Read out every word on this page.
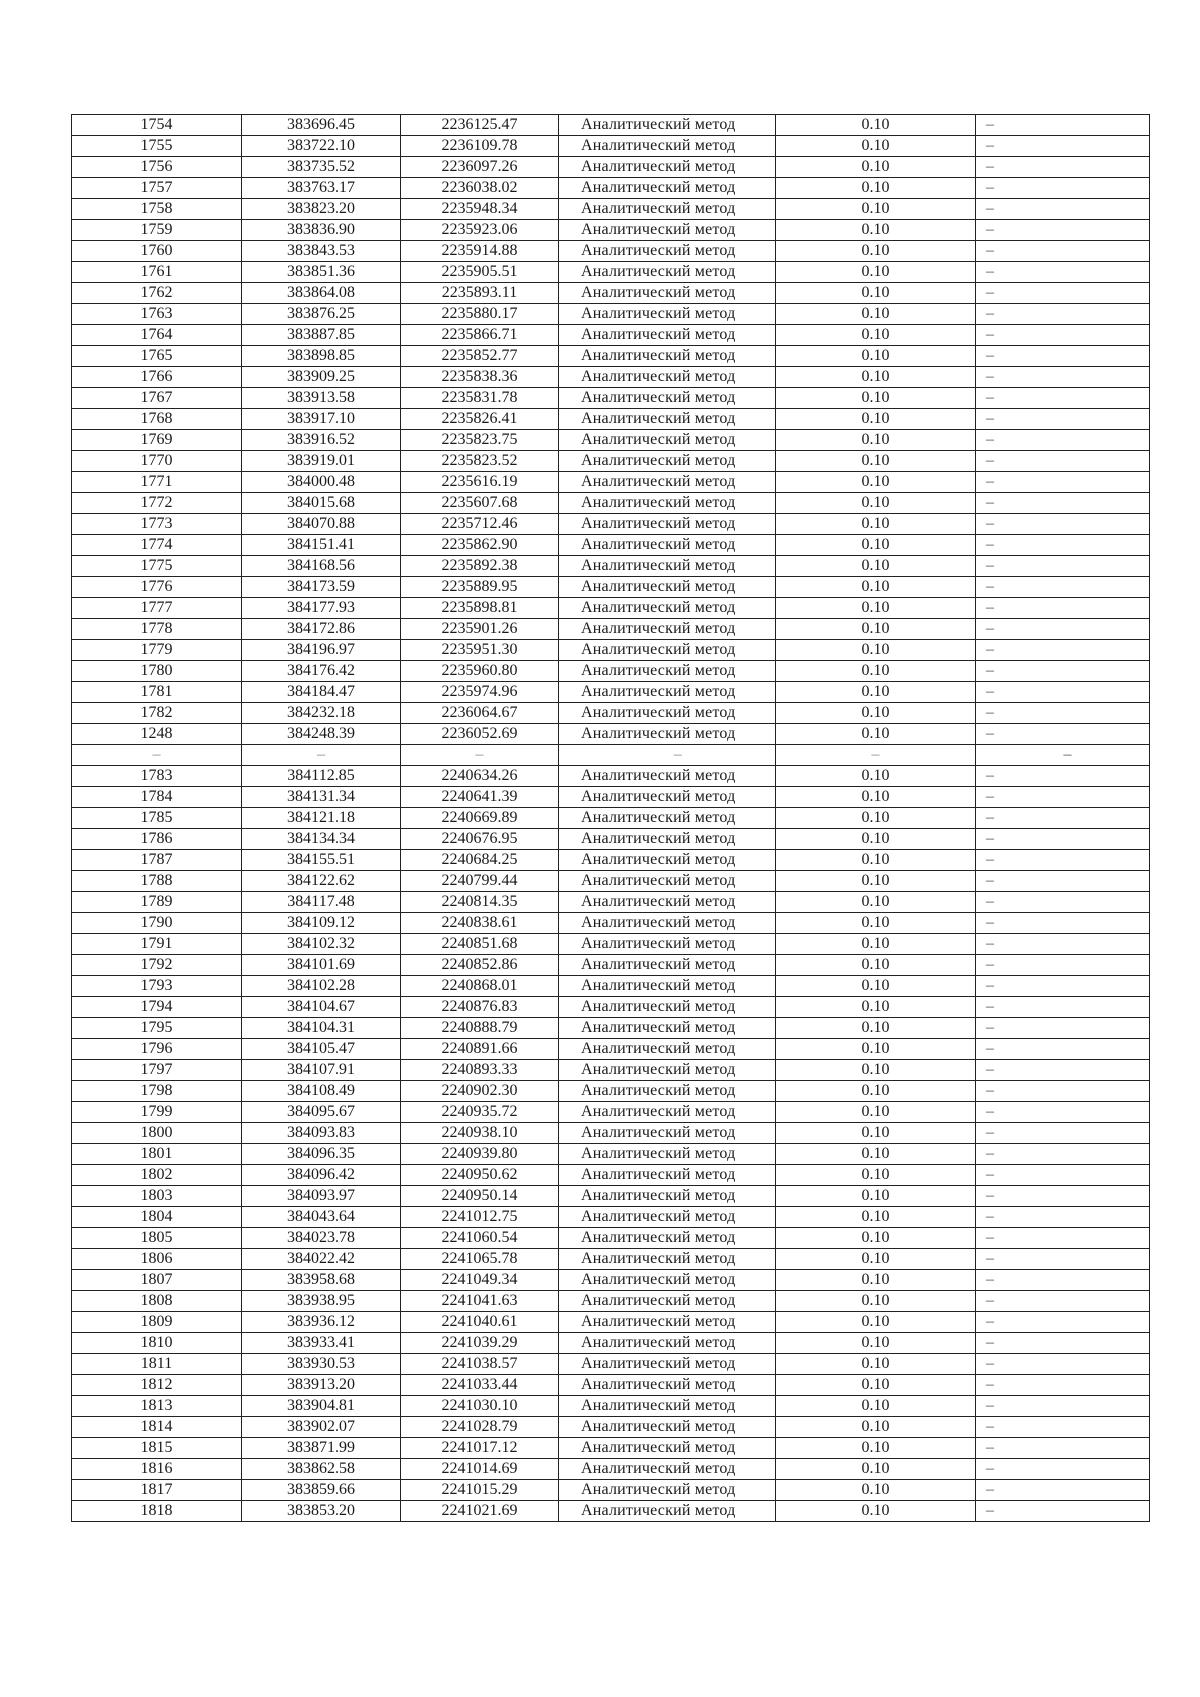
1754	383696.45	2236125.47	Аналитический метод	0.10	–
1755	383722.10	2236109.78	Аналитический метод	0.10	–
1756	383735.52	2236097.26	Аналитический метод	0.10	–
1757	383763.17	2236038.02	Аналитический метод	0.10	–
1758	383823.20	2235948.34	Аналитический метод	0.10	–
1759	383836.90	2235923.06	Аналитический метод	0.10	–
1760	383843.53	2235914.88	Аналитический метод	0.10	–
1761	383851.36	2235905.51	Аналитический метод	0.10	–
1762	383864.08	2235893.11	Аналитический метод	0.10	–
1763	383876.25	2235880.17	Аналитический метод	0.10	–
1764	383887.85	2235866.71	Аналитический метод	0.10	–
1765	383898.85	2235852.77	Аналитический метод	0.10	–
1766	383909.25	2235838.36	Аналитический метод	0.10	–
1767	383913.58	2235831.78	Аналитический метод	0.10	–
1768	383917.10	2235826.41	Аналитический метод	0.10	–
1769	383916.52	2235823.75	Аналитический метод	0.10	–
1770	383919.01	2235823.52	Аналитический метод	0.10	–
1771	384000.48	2235616.19	Аналитический метод	0.10	–
1772	384015.68	2235607.68	Аналитический метод	0.10	–
1773	384070.88	2235712.46	Аналитический метод	0.10	–
1774	384151.41	2235862.90	Аналитический метод	0.10	–
1775	384168.56	2235892.38	Аналитический метод	0.10	–
1776	384173.59	2235889.95	Аналитический метод	0.10	–
1777	384177.93	2235898.81	Аналитический метод	0.10	–
1778	384172.86	2235901.26	Аналитический метод	0.10	–
1779	384196.97	2235951.30	Аналитический метод	0.10	–
1780	384176.42	2235960.80	Аналитический метод	0.10	–
1781	384184.47	2235974.96	Аналитический метод	0.10	–
1782	384232.18	2236064.67	Аналитический метод	0.10	–
1248	384248.39	2236052.69	Аналитический метод	0.10	–
–	–	–	–	–	–
1783	384112.85	2240634.26	Аналитический метод	0.10	–
1784	384131.34	2240641.39	Аналитический метод	0.10	–
1785	384121.18	2240669.89	Аналитический метод	0.10	–
1786	384134.34	2240676.95	Аналитический метод	0.10	–
1787	384155.51	2240684.25	Аналитический метод	0.10	–
1788	384122.62	2240799.44	Аналитический метод	0.10	–
1789	384117.48	2240814.35	Аналитический метод	0.10	–
1790	384109.12	2240838.61	Аналитический метод	0.10	–
1791	384102.32	2240851.68	Аналитический метод	0.10	–
1792	384101.69	2240852.86	Аналитический метод	0.10	–
1793	384102.28	2240868.01	Аналитический метод	0.10	–
1794	384104.67	2240876.83	Аналитический метод	0.10	–
1795	384104.31	2240888.79	Аналитический метод	0.10	–
1796	384105.47	2240891.66	Аналитический метод	0.10	–
1797	384107.91	2240893.33	Аналитический метод	0.10	–
1798	384108.49	2240902.30	Аналитический метод	0.10	–
1799	384095.67	2240935.72	Аналитический метод	0.10	–
1800	384093.83	2240938.10	Аналитический метод	0.10	–
1801	384096.35	2240939.80	Аналитический метод	0.10	–
1802	384096.42	2240950.62	Аналитический метод	0.10	–
1803	384093.97	2240950.14	Аналитический метод	0.10	–
1804	384043.64	2241012.75	Аналитический метод	0.10	–
1805	384023.78	2241060.54	Аналитический метод	0.10	–
1806	384022.42	2241065.78	Аналитический метод	0.10	–
1807	383958.68	2241049.34	Аналитический метод	0.10	–
1808	383938.95	2241041.63	Аналитический метод	0.10	–
1809	383936.12	2241040.61	Аналитический метод	0.10	–
1810	383933.41	2241039.29	Аналитический метод	0.10	–
1811	383930.53	2241038.57	Аналитический метод	0.10	–
1812	383913.20	2241033.44	Аналитический метод	0.10	–
1813	383904.81	2241030.10	Аналитический метод	0.10	–
1814	383902.07	2241028.79	Аналитический метод	0.10	–
1815	383871.99	2241017.12	Аналитический метод	0.10	–
1816	383862.58	2241014.69	Аналитический метод	0.10	–
1817	383859.66	2241015.29	Аналитический метод	0.10	–
1818	383853.20	2241021.69	Аналитический метод	0.10	–
